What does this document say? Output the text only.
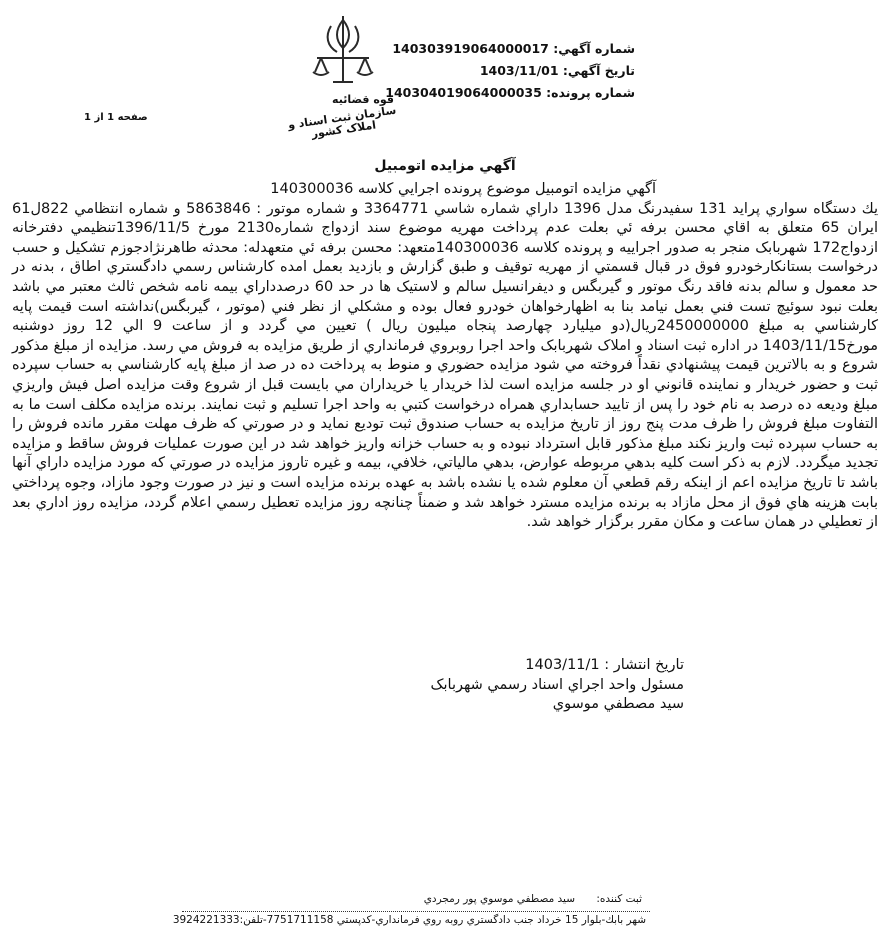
شماره آگهي: 140303919064000017
تاريخ آگهي: 1403/11/01
شماره پرونده: 140304019064000035
قوه قضائيه
سازمان ثبت اسناد و املاک کشور
صفحه 1 از 1
آگهي مزايده اتومبيل

آگهي مزايده اتومبيل موضوع پرونده اجرايي کلاسه 140300036

يك دستگاه سواري پرايد 131 سفيدرنگ مدل 1396 داراي شماره شاسي 3364771 و شماره موتور : 5863846 و شماره انتظامي 822ل61 ايران 65 متعلق به اقاي محسن برفه ئي بعلت عدم پرداخت مهريه موضوع سند ازدواج شماره2130 مورخ 1396/11/5تنظيمي دفترخانه ازدواج172 شهربابک منجر به صدور اجراييه و پرونده کلاسه 140300036متعهد: محسن برفه ئي متعهدله: محدثه طاهرنژادجوزم تشکيل و حسب درخواست بستانکارخودرو فوق در قبال قسمتي از مهريه توقيف و طبق گزارش و بازديد بعمل امده کارشناس رسمي دادگستري اطاق ، بدنه در حد معمول و سالم بدنه فاقد رنگ موتور و گيربگس و ديفرانسيل سالم و لاستيک ها در حد 60 درصدداراي بيمه نامه شخص ثالث معتبر مي باشد بعلت نبود سوئيچ تست فني بعمل نيامد بنا به اظهارخواهان خودرو فعال بوده و مشكلي از نظر فني (موتور ، گيربگس)نداشته است قيمت پايه كارشناسي به مبلغ 2450000000ريال(دو ميليارد چهارصد پنجاه ميليون ريال ) تعيين مي گردد و از ساعت 9 الي 12 روز دوشنبه مورخ1403/11/15 در اداره ثبت اسناد و املاک شهربابک واحد اجرا روبروي فرمانداري از طريق مزايده به فروش مي رسد. مزايده از مبلغ مذكور شروع و به بالاترين قيمت پيشنهادي نقداً فروخته مي شود مزايده حضوري و منوط به پرداخت ده در صد از مبلغ پايه كارشناسي به حساب سپرده ثبت و حضور خريدار و نماينده قانوني او در جلسه مزايده است لذا خريدار يا خريداران مي بايست قبل از شروع وقت مزايده اصل فيش واريزي مبلغ وديعه ده درصد به نام خود را پس از تاييد حسابداري همراه درخواست كتبي به واحد اجرا تسليم و ثبت نمايند. برنده مزايده مكلف است ما به التفاوت مبلغ فروش را ظرف مدت پنج روز از تاريخ مزايده به حساب صندوق ثبت توديع نمايد و در صورتي كه ظرف مهلت مقرر مانده فروش را به حساب سپرده ثبت واريز نكند مبلغ مذكور قابل استرداد نبوده و به حساب خزانه واريز خواهد شد در اين صورت عمليات فروش ساقط و مزايده تجديد ميگردد. لازم به ذكر است كليه بدهي مربوطه عوارض، بدهي مالياتي، خلافي، بيمه و غيره تاروز مزايده در صورتي كه مورد مزايده داراي آنها باشد تا تاريخ مزايده اعم از اينكه رقم قطعي آن معلوم شده يا نشده باشد به عهده برنده مزايده است و نيز در صورت وجود مازاد، وجوه پرداختي بابت هزينه هاي فوق از محل مازاد به برنده مزايده مسترد خواهد شد و ضمناً چنانچه روز مزايده تعطيل رسمي اعلام گردد، مزايده روز اداري بعد از تعطيلي در همان ساعت و مكان مقرر برگزار خواهد شد.

تاريخ انتشار : 1403/11/1
مسئول واحد اجراي اسناد رسمي شهربابک
سيد مصطفي موسوي
ثبت كننده: سيد مصطفي موسوي پور رمجردي
شهر بابك-بلوار 15 خرداد جنب دادگستري روبه روي فرمانداري-كدپستي 7751711158-تلفن:3924221333
